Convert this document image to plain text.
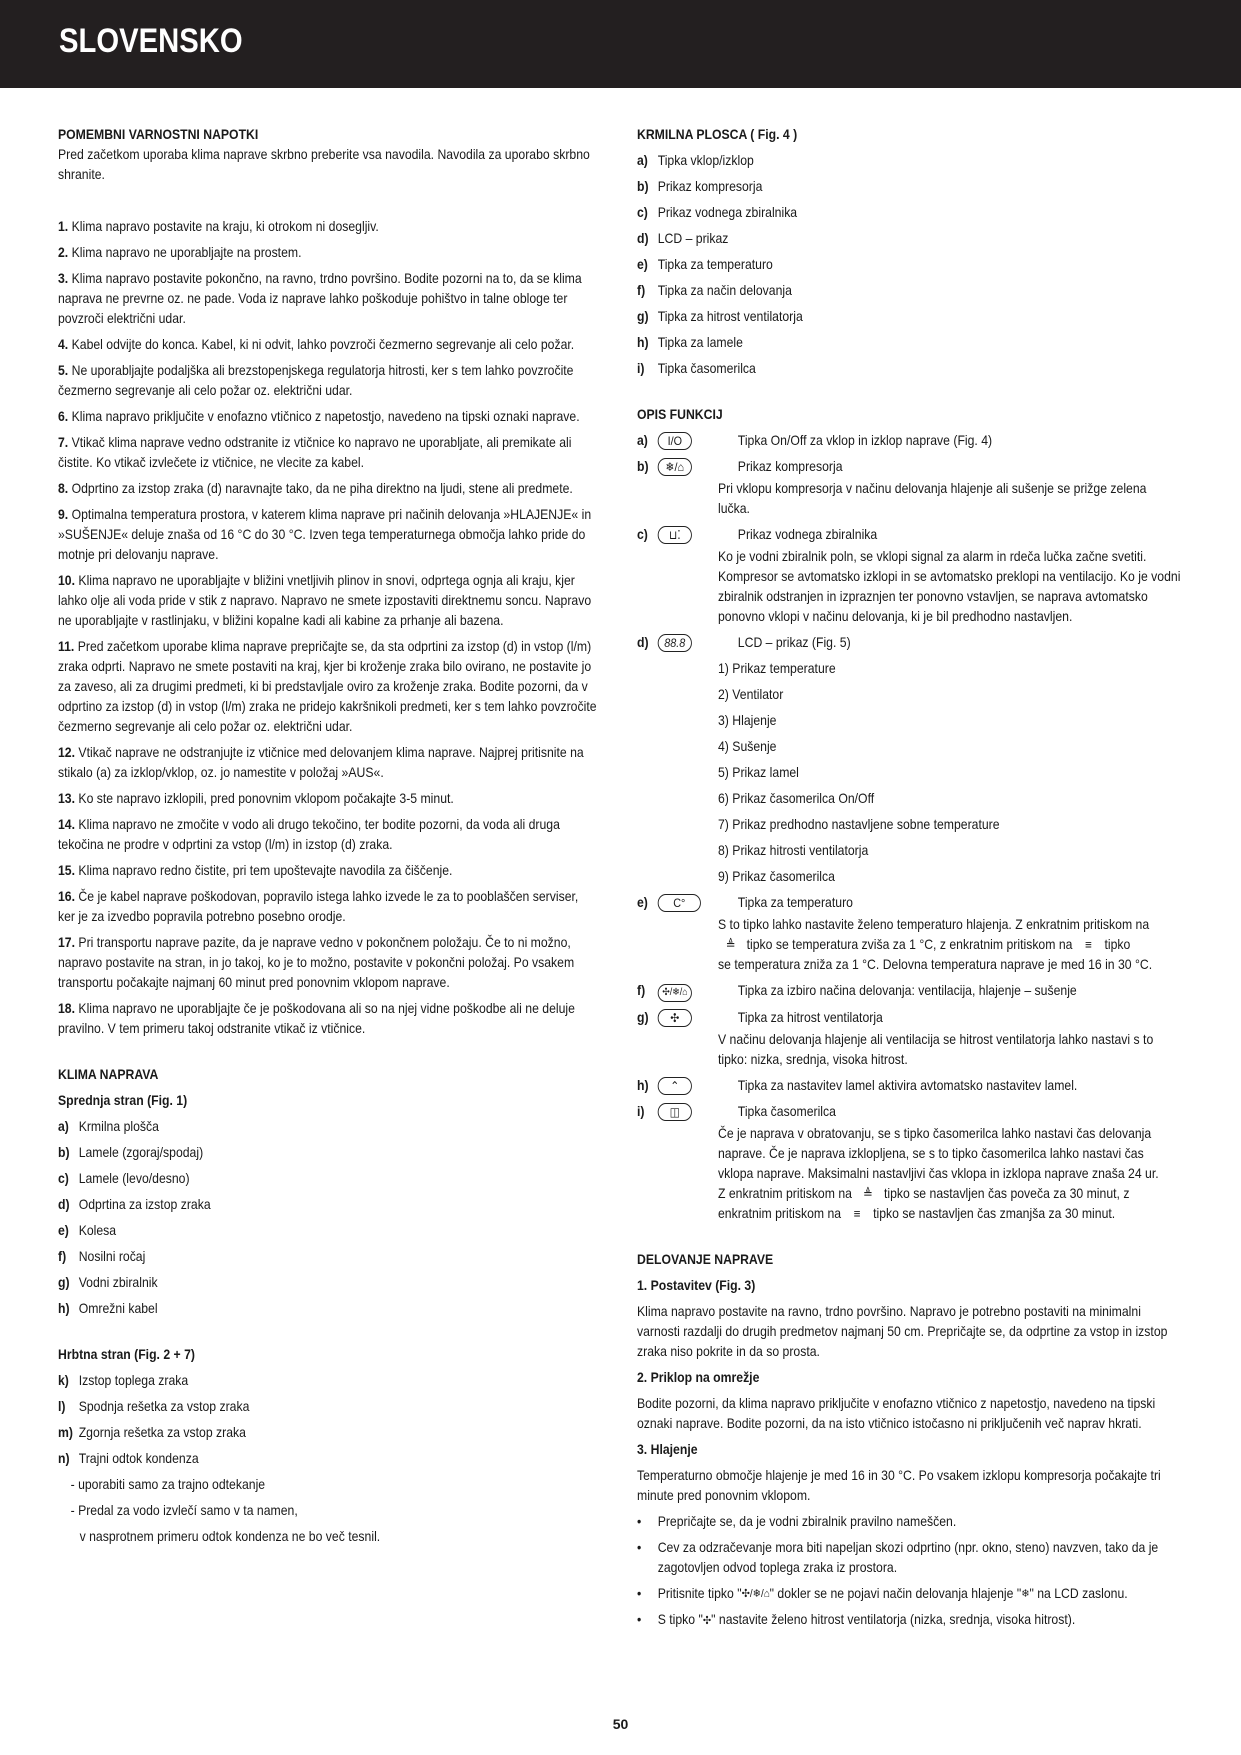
SLOVENSKO
POMEMBNI VARNOSTNI NAPOTKI

Pred začetkom uporaba klima naprave skrbno preberite vsa navodila. Navodila za uporabo skrbno shranite.

1. Klima napravo postavite na kraju, ki otrokom ni dosegljiv.

2. Klima napravo ne uporabljajte na prostem.

3. Klima napravo postavite pokončno, na ravno, trdno površino. Bodite pozorni na to, da se klima naprava ne prevrne oz. ne pade. Voda iz naprave lahko poškoduje pohištvo in talne obloge ter povzroči električni udar.

4. Kabel odvijte do konca. Kabel, ki ni odvit, lahko povzroči čezmerno segrevanje ali celo požar.

5. Ne uporabljajte podaljška ali brezstopenjskega regulatorja hitrosti, ker s tem lahko povzročite čezmerno segrevanje ali celo požar oz. električni udar.

6. Klima napravo priključite v enofazno vtičnico z napetostjo, navedeno na tipski oznaki naprave.

7. Vtikač klima naprave vedno odstranite iz vtičnice ko napravo ne uporabljate, ali premikate ali čistite. Ko vtikač izvlečete iz vtičnice, ne vlecite za kabel.

8. Odprtino za izstop zraka (d) naravnajte tako, da ne piha direktno na ljudi, stene ali predmete.

9. Optimalna temperatura prostora, v katerem klima naprave pri načinih delovanja »HLAJENJE« in »SUŠENJE« deluje znaša od 16 °C do 30 °C. Izven tega temperaturnega območja lahko pride do motnje pri delovanju naprave.

10. Klima napravo ne uporabljajte v bližini vnetljivih plinov in snovi, odprtega ognja ali kraju, kjer lahko olje ali voda pride v stik z napravo. Napravo ne smete izpostaviti direktnemu soncu. Napravo ne uporabljajte v rastlinjaku, v bližini kopalne kadi ali kabine za prhanje ali bazena.

11. Pred začetkom uporabe klima naprave prepričajte se, da sta odprtini za izstop (d) in vstop (l/m) zraka odprti. Napravo ne smete postaviti na kraj, kjer bi kroženje zraka bilo ovirano, ne postavite jo za zaveso, ali za drugimi predmeti, ki bi predstavljale oviro za kroženje zraka. Bodite pozorni, da v odprtino za izstop (d) in vstop (l/m) zraka ne pridejo kakršnikoli predmeti, ker s tem lahko povzročite čezmerno segrevanje ali celo požar oz. električni udar.

12. Vtikač naprave ne odstranjujte iz vtičnice med delovanjem klima naprave. Najprej pritisnite na stikalo (a) za izklop/vklop, oz. jo namestite v položaj »AUS«.

13. Ko ste napravo izklopili, pred ponovnim vklopom počakajte 3-5 minut.

14. Klima napravo ne zmočite v vodo ali drugo tekočino, ter bodite pozorni, da voda ali druga tekočina ne prodre v odprtini za vstop (l/m) in izstop (d) zraka.

15. Klima napravo redno čistite, pri tem upoštevajte navodila za čiščenje.

16. Če je kabel naprave poškodovan, popravilo istega lahko izvede le za to pooblaščen serviser, ker je za izvedbo popravila potrebno posebno orodje.

17. Pri transportu naprave pazite, da je naprave vedno v pokončnem položaju. Če to ni možno, napravo postavite na stran, in jo takoj, ko je to možno, postavite v pokončni položaj. Po vsakem transportu počakajte najmanj 60 minut pred ponovnim vklopom naprave.

18. Klima napravo ne uporabljajte če je poškodovana ali so na njej vidne poškodbe ali ne deluje pravilno. V tem primeru takoj odstranite vtikač iz vtičnice.

KLIMA NAPRAVA
Sprednja stran (Fig. 1)
a) Krmilna plošča
b) Lamele (zgoraj/spodaj)
c) Lamele (levo/desno)
d) Odprtina za izstop zraka
e) Kolesa
f) Nosilni ročaj
g) Vodni zbiralnik
h) Omrežni kabel
Hrbtna stran (Fig. 2 + 7)
k) Izstop toplega zraka
l) Spodnja rešetka za vstop zraka
m) Zgornja rešetka za vstop zraka
n) Trajni odtok kondenza
- uporabiti samo za trajno odtekanje
- Predal za vodo izvlečí samo v ta namen,
v nasprotnem primeru odtok kondenza ne bo več tesnil.
KRMILNA PLOSCA ( Fig. 4 )
a) Tipka vklop/izklop
b) Prikaz kompresorja
c) Prikaz vodnega zbiralnika
d) LCD – prikaz
e) Tipka za temperaturo
f) Tipka za način delovanja
g) Tipka za hitrost ventilatorja
h) Tipka za lamele
i) Tipka časomerilca
OPIS FUNKCIJ
a)	I/O	Tipka On/Off za vklop in izklop naprave (Fig. 4)
b)	❄/⌂	Prikaz kompresorja
Pri vklopu kompresorja v načinu delovanja hlajenje ali sušenje se prižge zelena lučka.
c)	⊔⁚	Prikaz vodnega zbiralnika
Ko je vodni zbiralnik poln, se vklopi signal za alarm in rdeča lučka začne svetiti. Kompresor se avtomatsko izklopi in se avtomatsko preklopi na ventilacijo. Ko je vodni zbiralnik odstranjen in izpraznjen ter ponovno vstavljen, se naprava avtomatsko ponovno vklopi v načinu delovanja, ki je bil predhodno nastavljen.
d)	88.8	LCD – prikaz (Fig. 5)
1) Prikaz temperature
2) Ventilator
3) Hlajenje
4) Sušenje
5) Prikaz lamel
6) Prikaz časomerilca On/Off
7) Prikaz predhodno nastavljene sobne temperature
8) Prikaz hitrosti ventilatorja
9) Prikaz časomerilca
e)	C°	Tipka za temperaturo
S to tipko lahko nastavite želeno temperaturo hlajenja. Z enkratnim pritiskom na
≜ tipko se temperatura zviša za 1 °C, z enkratnim pritiskom na ≡ tipko
se temperatura zniža za 1 °C. Delovna temperatura naprave je med 16 in 30 °C.
f)	✣/❄/⌂	Tipka za izbiro načina delovanja: ventilacija, hlajenje – sušenje
g)	✣	Tipka za hitrost ventilatorja
V načinu delovanja hlajenje ali ventilacija se hitrost ventilatorja lahko nastavi s to tipko: nizka, srednja, visoka hitrost.
h)	⌃	Tipka za nastavitev lamel aktivira avtomatsko nastavitev lamel.
i)	◫	Tipka časomerilca
Če je naprava v obratovanju, se s tipko časomerilca lahko nastavi čas delovanja naprave. Če je naprava izklopljena, se s to tipko časomerilca lahko nastavi čas vklopa naprave. Maksimalni nastavljivi čas vklopa in izklopa naprave znaša 24 ur.
Z enkratnim pritiskom na ≜ tipko se nastavljen čas poveča za 30 minut, z
enkratnim pritiskom na ≡ tipko se nastavljen čas zmanjša za 30 minut.
DELOVANJE NAPRAVE
1. Postavitev (Fig. 3)

Klima napravo postavite na ravno, trdno površino. Napravo je potrebno postaviti na minimalni varnosti razdalji do drugih predmetov najmanj 50 cm. Prepričajte se, da odprtine za vstop in izstop zraka niso pokrite in da so prosta.

2. Priklop na omrežje

Bodite pozorni, da klima napravo priključite v enofazno vtičnico z napetostjo, navedeno na tipski oznaki naprave. Bodite pozorni, da na isto vtičnico istočasno ni priključenih več naprav hkrati.

3. Hlajenje

Temperaturno območje hlajenje je med 16 in 30 °C. Po vsakem izklopu kompresorja počakajte tri minute pred ponovnim vklopom.

•	Prepričajte se, da je vodni zbiralnik pravilno nameščen.
•	Cev za odzračevanje mora biti napeljan skozi odprtino (npr. okno, steno) navzven, tako da je zagotovljen odvod toplega zraka iz prostora.
•	Pritisnite tipko "✣/❄/⌂" dokler se ne pojavi način delovanja hlajenje "❄" na LCD zaslonu.
•	S tipko "✣" nastavite želeno hitrost ventilatorja (nizka, srednja, visoka hitrost).
50
